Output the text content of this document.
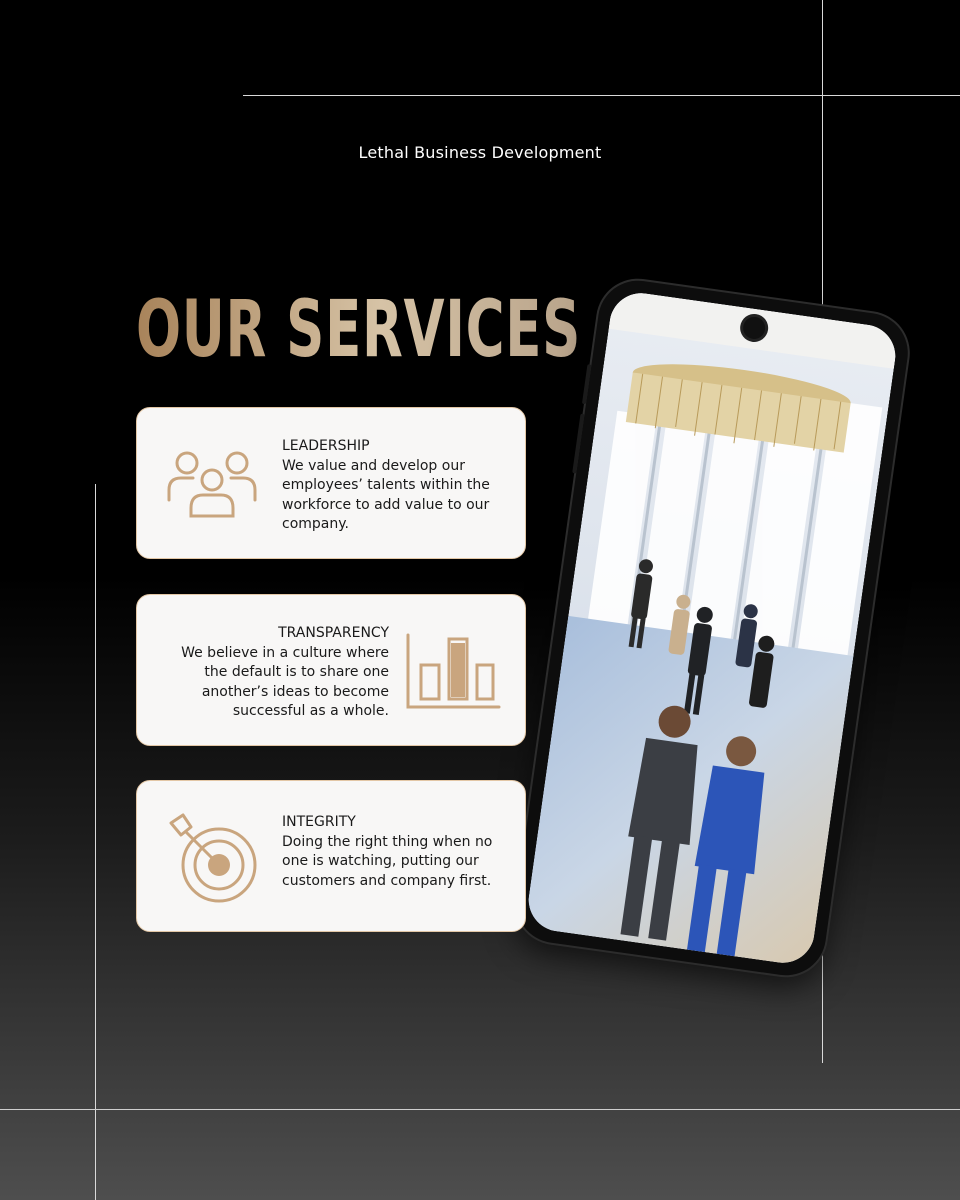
Lethal Business Development
OUR SERVICES
LEADERSHIP
We value and develop our employees’ talents within the workforce to add value to our company.
TRANSPARENCY
We believe in a culture where the default is to share one another’s ideas to become successful as a whole.
INTEGRITY
Doing the right thing when no one is watching, putting our customers and company first.
